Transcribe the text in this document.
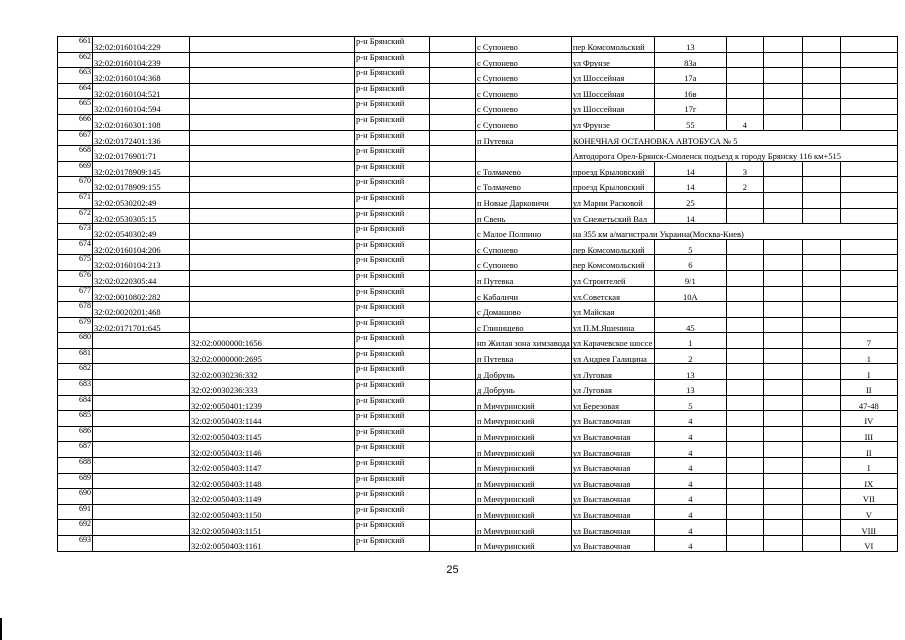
661	32:02:0160104:229		р-н Брянский		с Супонево	пер Комсомольский	13				
662	32:02:0160104:239		р-н Брянский		с Супонево	ул Фрунзе	83а				
663	32:02:0160104:368		р-н Брянский		с Супонево	ул Шоссейная	17а				
664	32:02:0160104:521		р-н Брянский		с Супонево	ул Шоссейная	16в				
665	32:02:0160104:594		р-н Брянский		с Супонево	ул Шоссейная	17г				
666	32:02:0160301:108		р-н Брянский		с Супонево	ул Фрунзе	55	4			
667	32:02:0172401:136		р-н Брянский		п Путевка	КОНЕЧНАЯ ОСТАНОВКА АВТОБУСА № 5					
668	32:02:0176901:71		р-н Брянский			Автодорога Орел-Брянск-Смоленск подъезд к городу Брянску 116 км+515					
669	32:02:0178909:145		р-н Брянский		с Толмачево	проезд Крыловский	14	3			
670	32:02:0178909:155		р-н Брянский		с Толмачево	проезд Крыловский	14	2			
671	32:02:0530202:49		р-н Брянский		п Новые Дарковичи	ул Марии Расковой	25				
672	32:02:0530305:15		р-н Брянский		п Свень	ул Снежетьский Вал	14				
673	32:02:0540302:49		р-н Брянский		с Малое Полпино	на 355 км а/магистрали Украина(Москва-Киев)					
674	32:02:0160104:206		р-н Брянский		с Супонево	пер Комсомольский	5				
675	32:02:0160104:213		р-н Брянский		с Супонево	пер Комсомольский	6				
676	32:02:0220305:44		р-н Брянский		п Путевка	ул Строителей	9/1				
677	32:02:0010802:282		р-н Брянский		с Кабаличи	ул.Советская	10А				
678	32:02:0020201:468		р-н Брянский		с Домашово	ул Майская					
679	32:02:0171701:645		р-н Брянский		с Глинищево	ул П.М.Яшенина	45				
680		32:02:0000000:1656	р-н Брянский		нп Жилая зона химзавода	ул Карачевское шоссе	1				7
681		32:02:0000000:2695	р-н Брянский		п Путевка	ул Андрея Галицина	2				1
682		32:02:0030236:332	р-н Брянский		д Добрунь	ул Луговая	13				I
683		32:02:0030236:333	р-н Брянский		д Добрунь	ул Луговая	13				II
684		32:02:0050401:1239	р-н Брянский		п Мичуринский	ул Березовая	5				47-48
685		32:02:0050403:1144	р-н Брянский		п Мичуринский	ул Выставочная	4				IV
686		32:02:0050403:1145	р-н Брянский		п Мичуринский	ул Выставочная	4				III
687		32:02:0050403:1146	р-н Брянский		п Мичуринский	ул Выставочная	4				II
688		32:02:0050403:1147	р-н Брянский		п Мичуринский	ул Выставочная	4				I
689		32:02:0050403:1148	р-н Брянский		п Мичуринский	ул Выставочная	4				IX
690		32:02:0050403:1149	р-н Брянский		п Мичуринский	ул Выставочная	4				VII
691		32:02:0050403:1150	р-н Брянский		п Мичуринский	ул Выставочная	4				V
692		32:02:0050403:1151	р-н Брянский		п Мичуринский	ул Выставочная	4				VIII
693		32:02:0050403:1161	р-н Брянский		п Мичуринский	ул Выставочная	4				VI
25
